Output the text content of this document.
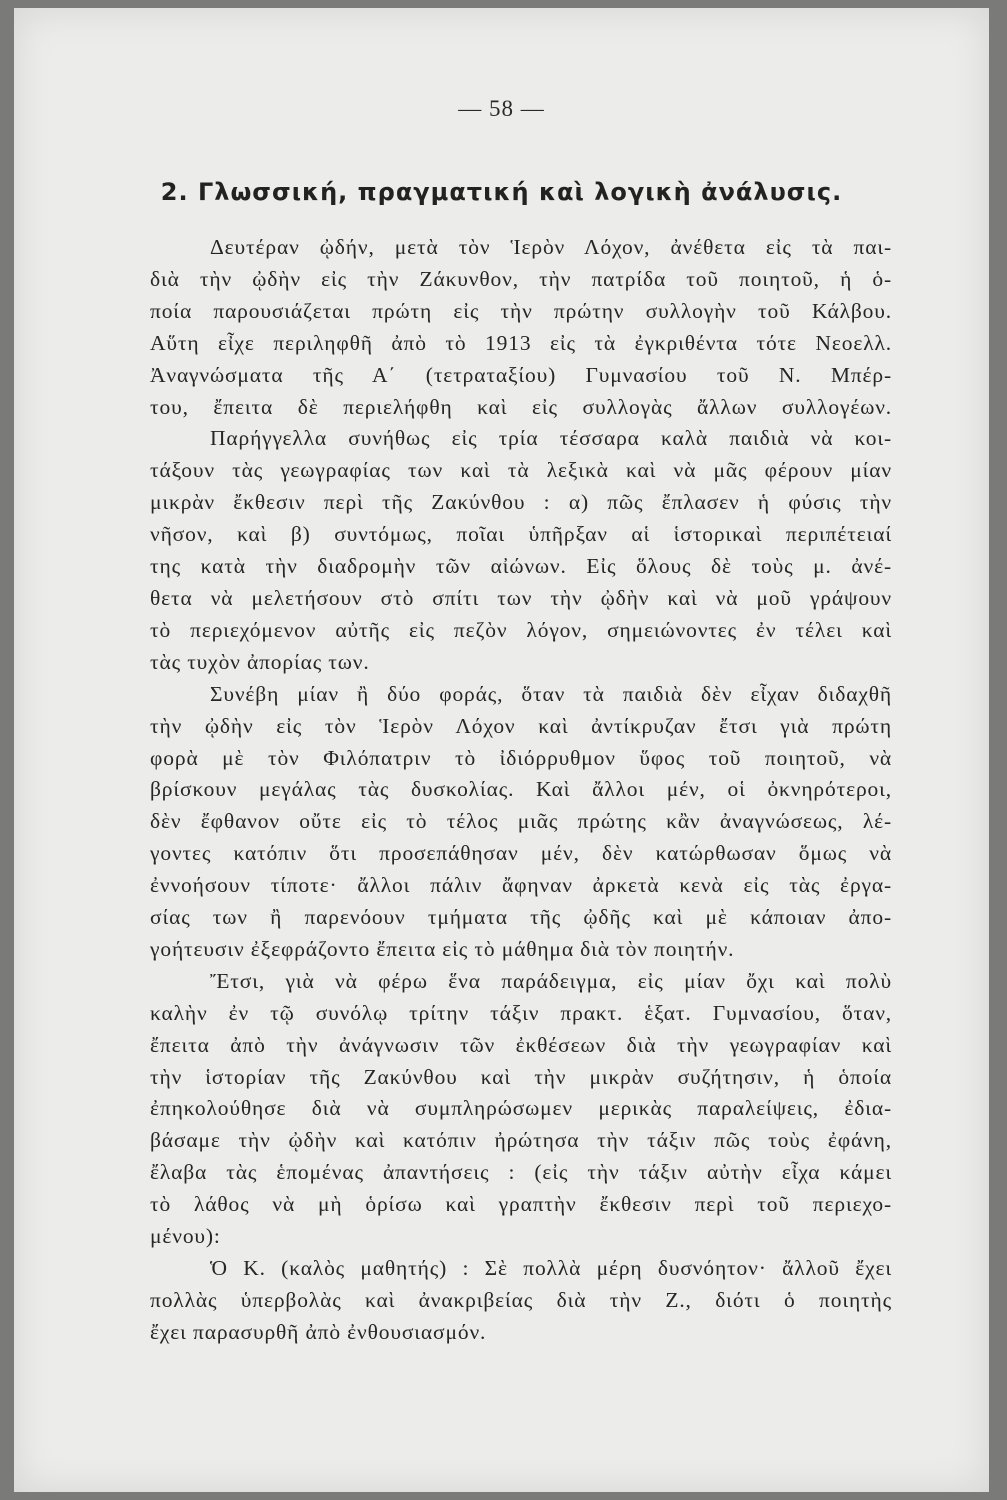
— 58 —
2. Γλωσσική, πραγματική καὶ λογικὴ ἀνάλυσις.
Δευτέραν ᾠδήν, μετὰ τὸν Ἱερὸν Λόχον, ἀνέθετα εἰς τὰ παι-
διὰ τὴν ᾠδὴν εἰς τὴν Ζάκυνθον, τὴν πατρίδα τοῦ ποιητοῦ, ἡ ὁ-
ποία παρουσιάζεται πρώτη εἰς τὴν πρώτην συλλογὴν τοῦ Κάλβου.
Αὕτη εἶχε περιληφθῆ ἀπὸ τὸ 1913 εἰς τὰ ἐγκριθέντα τότε Νεοελλ.
Ἀναγνώσματα τῆς Α΄ (τετραταξίου) Γυμνασίου τοῦ Ν. Μπέρ-
του, ἔπειτα δὲ περιελήφθη καὶ εἰς συλλογὰς ἄλλων συλλογέων.
Παρήγγελλα συνήθως εἰς τρία τέσσαρα καλὰ παιδιὰ νὰ κοι-
τάξουν τὰς γεωγραφίας των καὶ τὰ λεξικὰ καὶ νὰ μᾶς φέρουν μίαν
μικρὰν ἔκθεσιν περὶ τῆς Ζακύνθου : α) πῶς ἔπλασεν ἡ φύσις τὴν
νῆσον, καὶ β) συντόμως, ποῖαι ὑπῆρξαν αἱ ἱστορικαὶ περιπέτειαί
της κατὰ τὴν διαδρομὴν τῶν αἰώνων. Εἰς ὅλους δὲ τοὺς μ. ἀνέ-
θετα νὰ μελετήσουν στὸ σπίτι των τὴν ᾠδὴν καὶ νὰ μοῦ γράψουν
τὸ περιεχόμενον αὐτῆς εἰς πεζὸν λόγον, σημειώνοντες ἐν τέλει καὶ
τὰς τυχὸν ἀπορίας των.
Συνέβη μίαν ἢ δύο φοράς, ὅταν τὰ παιδιὰ δὲν εἶχαν διδαχθῆ
τὴν ᾠδὴν εἰς τὸν Ἱερὸν Λόχον καὶ ἀντίκρυζαν ἔτσι γιὰ πρώτη
φορὰ μὲ τὸν Φιλόπατριν τὸ ἰδιόρρυθμον ὕφος τοῦ ποιητοῦ, νὰ
βρίσκουν μεγάλας τὰς δυσκολίας. Καὶ ἄλλοι μέν, οἱ ὀκνηρότεροι,
δὲν ἔφθανον οὔτε εἰς τὸ τέλος μιᾶς πρώτης κἂν ἀναγνώσεως, λέ-
γοντες κατόπιν ὅτι προσεπάθησαν μέν, δὲν κατώρθωσαν ὅμως νὰ
ἐννοήσουν τίποτε· ἄλλοι πάλιν ἄφηναν ἀρκετὰ κενὰ εἰς τὰς ἐργα-
σίας των ἢ παρενόουν τμήματα τῆς ᾠδῆς καὶ μὲ κάποιαν ἀπο-
γοήτευσιν ἐξεφράζοντο ἔπειτα εἰς τὸ μάθημα διὰ τὸν ποιητήν.
Ἔτσι, γιὰ νὰ φέρω ἕνα παράδειγμα, εἰς μίαν ὄχι καὶ πολὺ
καλὴν ἐν τῷ συνόλῳ τρίτην τάξιν πρακτ. ἑξατ. Γυμνασίου, ὅταν,
ἔπειτα ἀπὸ τὴν ἀνάγνωσιν τῶν ἐκθέσεων διὰ τὴν γεωγραφίαν καὶ
τὴν ἱστορίαν τῆς Ζακύνθου καὶ τὴν μικρὰν συζήτησιν, ἡ ὁποία
ἐπηκολούθησε διὰ νὰ συμπληρώσωμεν μερικὰς παραλείψεις, ἐδια-
βάσαμε τὴν ᾠδὴν καὶ κατόπιν ἠρώτησα τὴν τάξιν πῶς τοὺς ἐφάνη,
ἔλαβα τὰς ἑπομένας ἀπαντήσεις : (εἰς τὴν τάξιν αὐτὴν εἶχα κάμει
τὸ λάθος νὰ μὴ ὁρίσω καὶ γραπτὴν ἔκθεσιν περὶ τοῦ περιεχο-
μένου):
Ὁ Κ. (καλὸς μαθητής) : Σὲ πολλὰ μέρη δυσνόητον· ἄλλοῦ ἔχει
πολλὰς ὑπερβολὰς καὶ ἀνακριβείας διὰ τὴν Ζ., διότι ὁ ποιητὴς
ἔχει παρασυρθῆ ἀπὸ ἐνθουσιασμόν.
